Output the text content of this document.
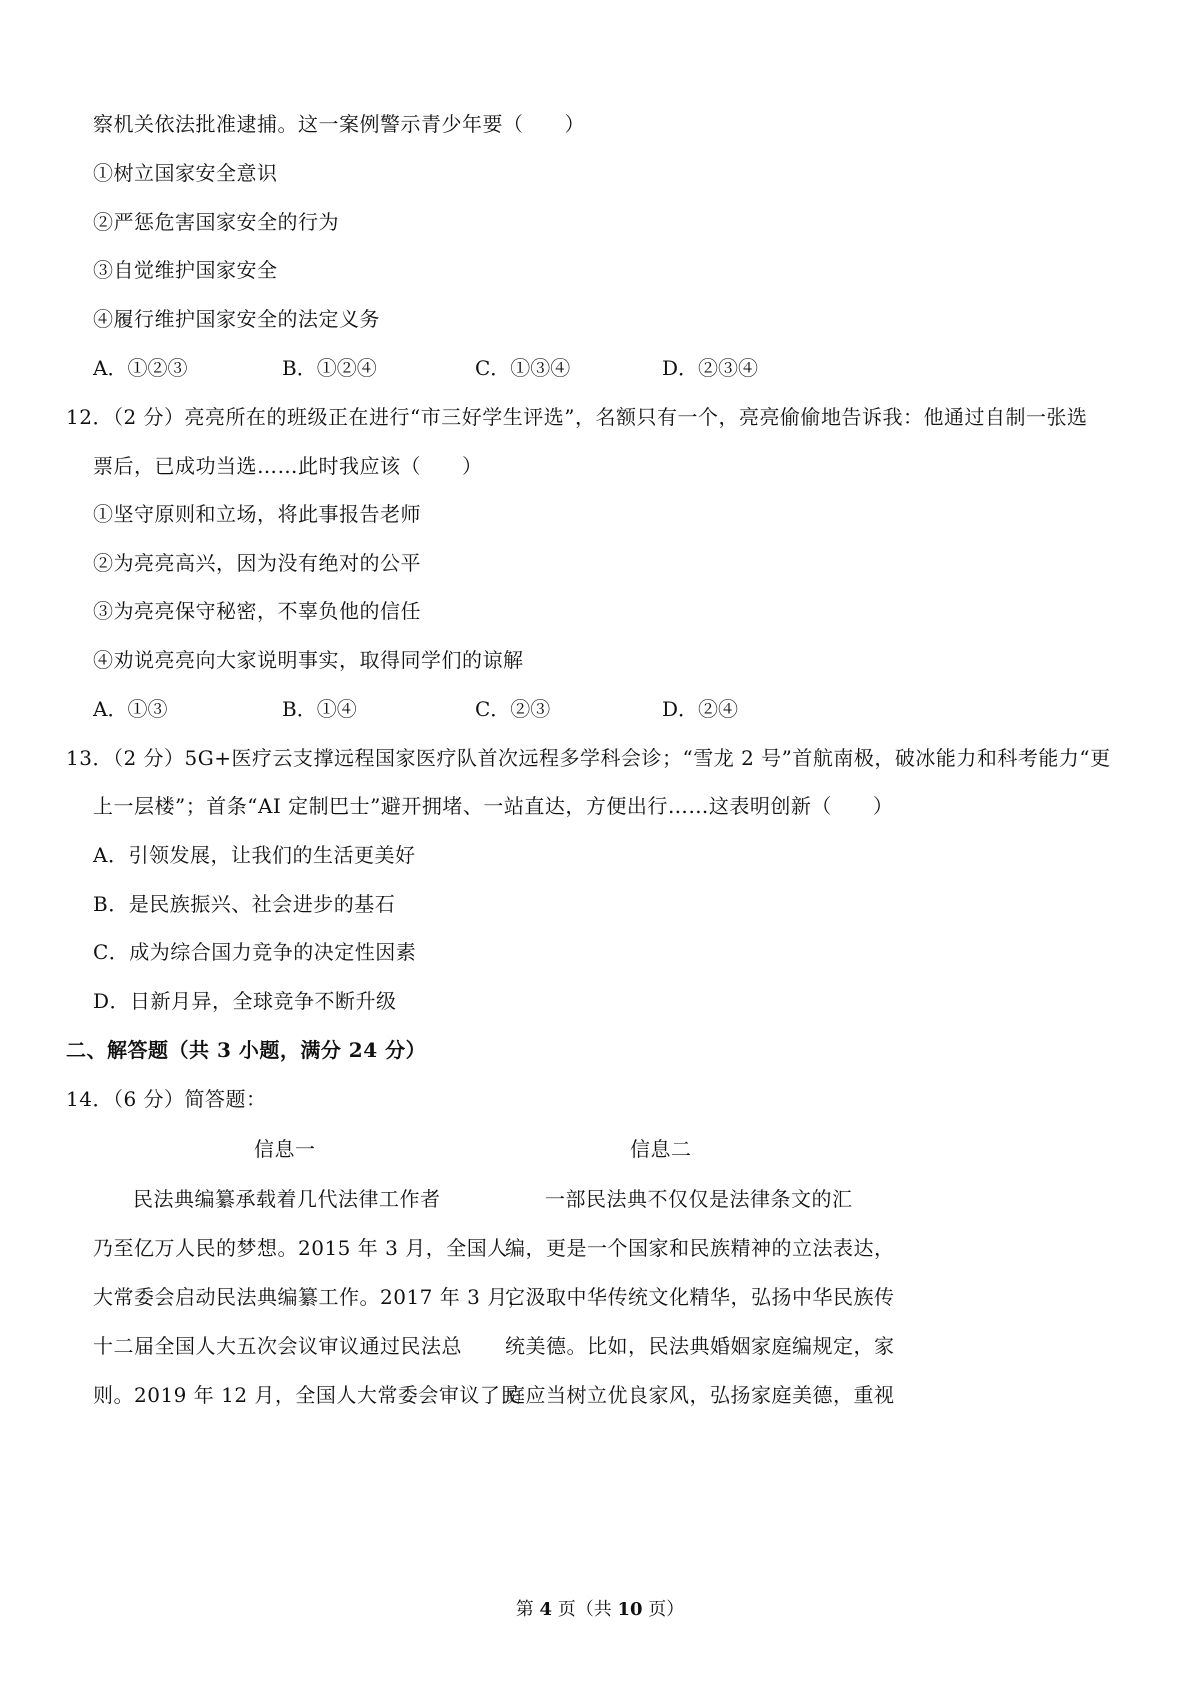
察机关依法批准逮捕。这一案例警示青少年要（　　）
①树立国家安全意识
②严惩危害国家安全的行为
③自觉维护国家安全
④履行维护国家安全的法定义务
A．①②③	B．①②④	C．①③④	D．②③④
12．（2 分）亮亮所在的班级正在进行“市三好学生评选”，名额只有一个，亮亮偷偷地告诉我：他通过自制一张选
票后，已成功当选……此时我应该（　　）
①坚守原则和立场，将此事报告老师
②为亮亮高兴，因为没有绝对的公平
③为亮亮保守秘密，不辜负他的信任
④劝说亮亮向大家说明事实，取得同学们的谅解
A．①③	B．①④	C．②③	D．②④
13．（2 分）5G+医疗云支撑远程国家医疗队首次远程多学科会诊；“雪龙 2 号”首航南极，破冰能力和科考能力“更
上一层楼”；首条“AI 定制巴士”避开拥堵、一站直达，方便出行……这表明创新（　　）
A．引领发展，让我们的生活更美好
B．是民族振兴、社会进步的基石
C．成为综合国力竞争的决定性因素
D．日新月异，全球竞争不断升级
二、解答题（共 3 小题，满分 24 分）
14．（6 分）简答题：
信息一	信息二
民法典编纂承载着几代法律工作者
乃至亿万人民的梦想。2015 年 3 月，全国人
大常委会启动民法典编纂工作。2017 年 3 月，
十二届全国人大五次会议审议通过民法总
则。2019 年 12 月，全国人大常委会审议了民
一部民法典不仅仅是法律条文的汇
编，更是一个国家和民族精神的立法表达，
它汲取中华传统文化精华，弘扬中华民族传
统美德。比如，民法典婚姻家庭编规定，家
庭应当树立优良家风，弘扬家庭美德，重视
第 4 页（共 10 页）
